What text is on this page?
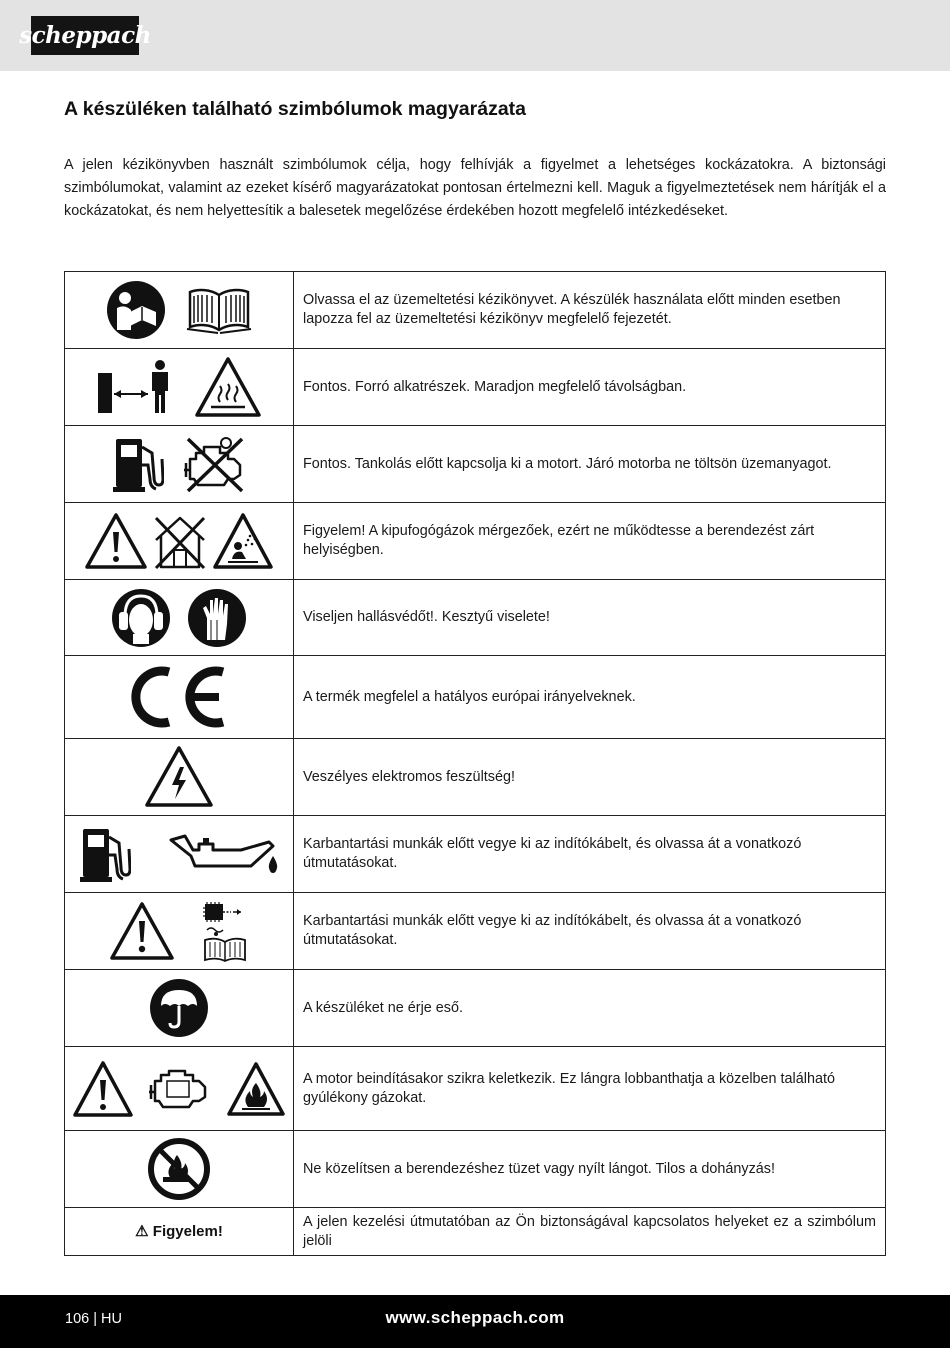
scheppach
A készüléken található szimbólumok magyarázata

A jelen kézikönyvben használt szimbólumok célja, hogy felhívják a figyelmet a lehetséges kockázatokra. A biztonsági szimbólumokat, valamint az ezeket kísérő magyarázatokat pontosan értelmezni kell. Maguk a figyelmeztetések nem hárítják el a kockázatokat, és nem helyettesítik a balesetek megelőzése érdekében hozott megfelelő intézkedéseket.

	Olvassa el az üzemeltetési kézikönyvet. A készülék használata előtt minden esetben lapozza fel az üzemeltetési kézikönyv megfelelő fejezetét.
	Fontos. Forró alkatrészek. Maradjon megfelelő távolságban.
	Fontos. Tankolás előtt kapcsolja ki a motort. Járó motorba ne töltsön üzemanyagot.
	Figyelem! A kipufogógázok mérgezőek, ezért ne működtesse a berendezést zárt helyiségben.
	Viseljen hallásvédőt!. Kesztyű viselete!
	A termék megfelel a hatályos európai irányelveknek.
	Veszélyes elektromos feszültség!
	Karbantartási munkák előtt vegye ki az indítókábelt, és olvassa át a vonatkozó útmutatásokat.
	Karbantartási munkák előtt vegye ki az indítókábelt, és olvassa át a vonatkozó útmutatásokat.
	A készüléket ne érje eső.
	A motor beindításakor szikra keletkezik. Ez lángra lobbanthatja a közelben található gyúlékony gázokat.
	Ne közelítsen a berendezéshez tüzet vagy nyílt lángot. Tilos a dohányzás!
⚠ Figyelem!	A jelen kezelési útmutatóban az Ön biztonságával kapcsolatos helyeket ez a szimbólum jelöli
106 | HU	www.scheppach.com
